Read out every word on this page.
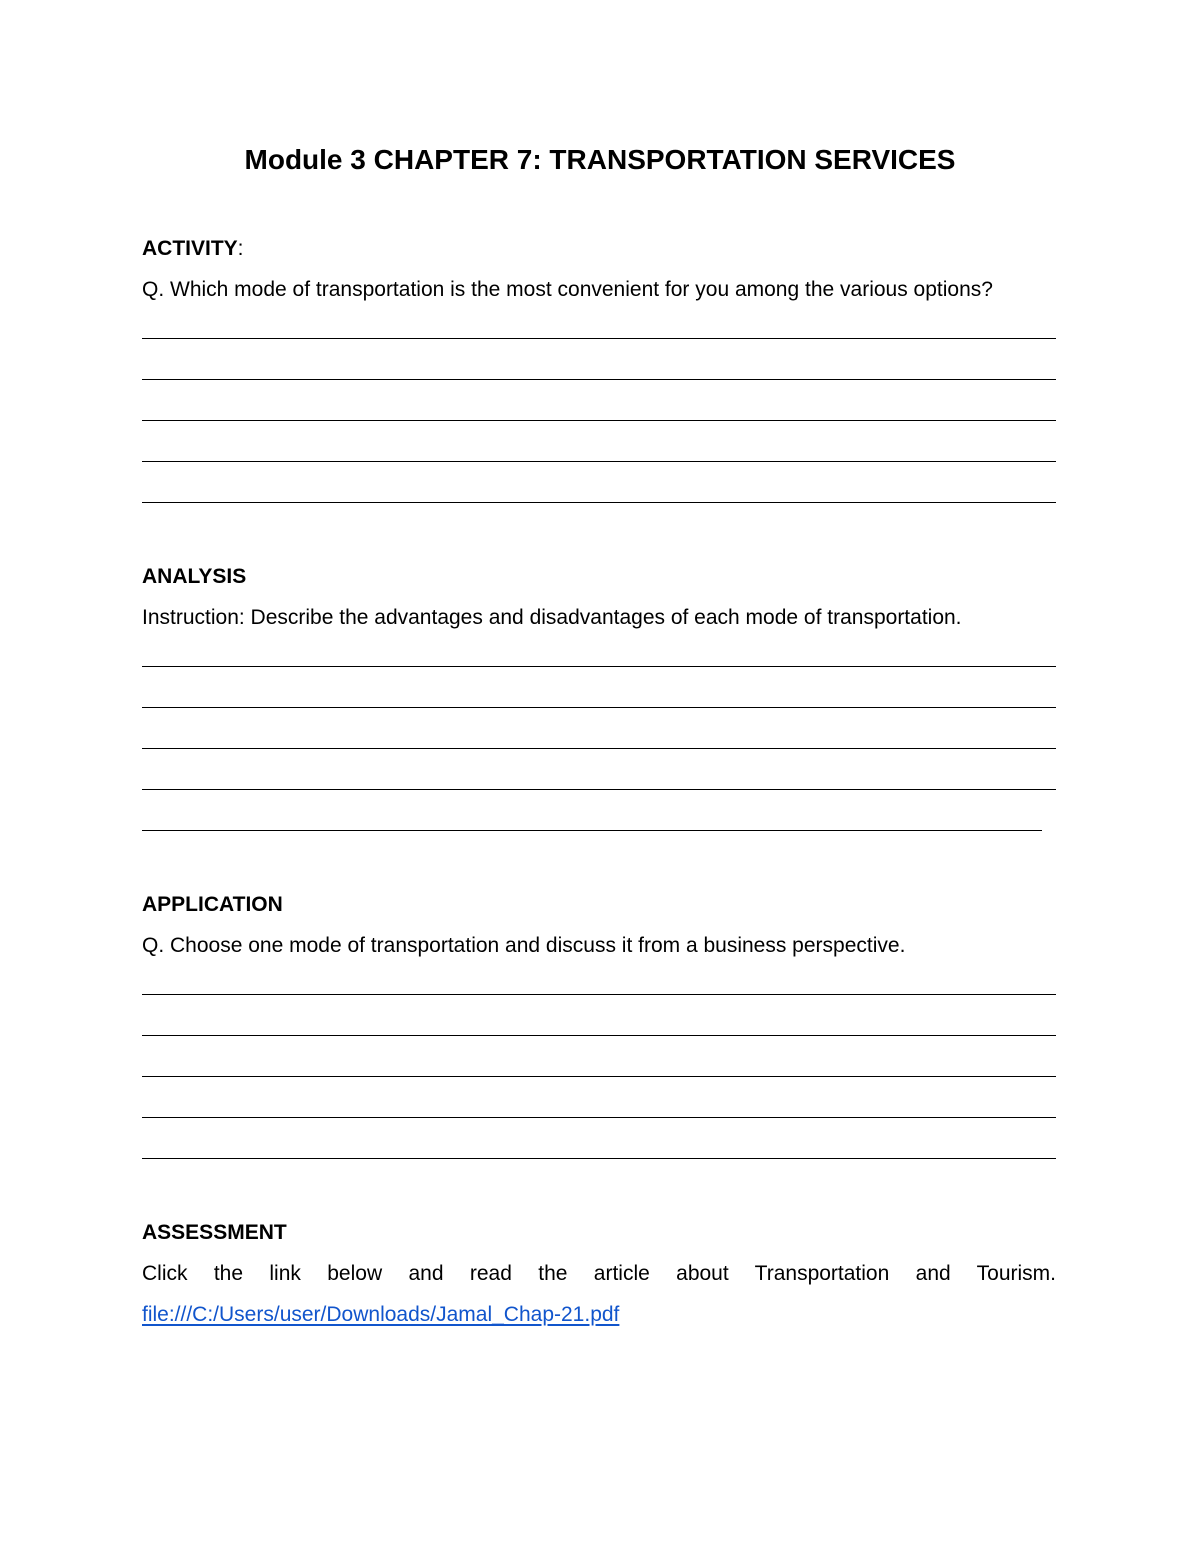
Module 3 CHAPTER 7: TRANSPORTATION SERVICES

ACTIVITY:

Q. Which mode of transportation is the most convenient for you among the various options?

ANALYSIS

Instruction: Describe the advantages and disadvantages of each mode of transportation.

APPLICATION

Q. Choose one mode of transportation and discuss it from a business perspective.

ASSESSMENT

Click the link below and read the article about Transportation and Tourism.

file:///C:/Users/user/Downloads/Jamal_Chap-21.pdf
